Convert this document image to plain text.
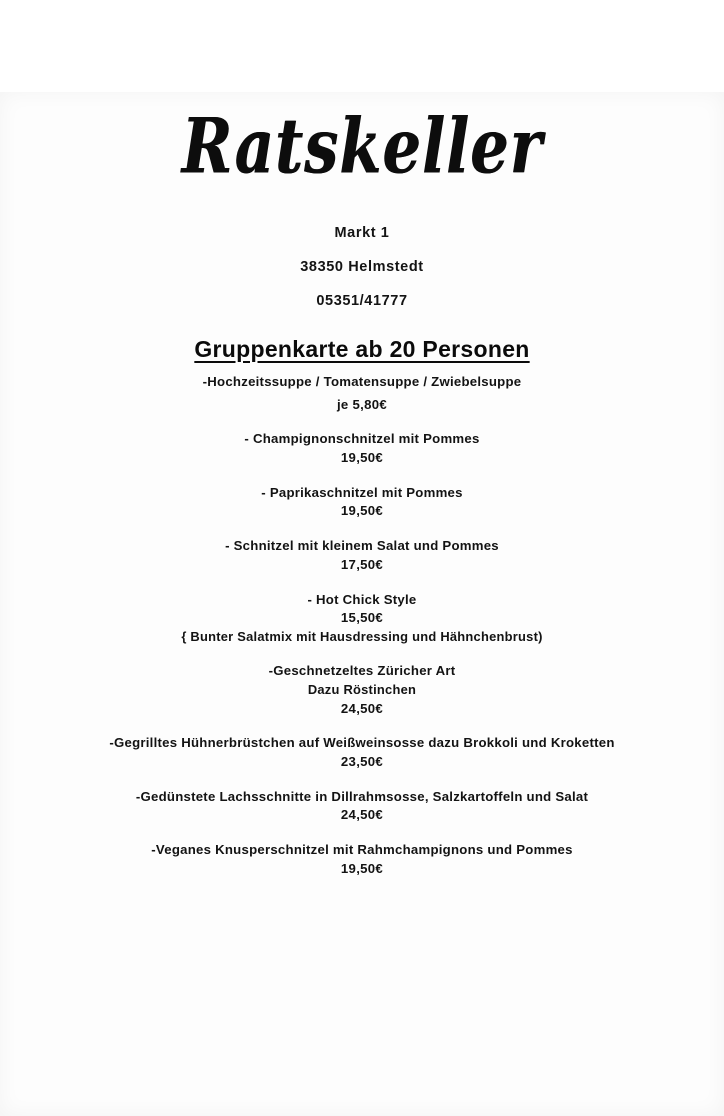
Ratskeller

Markt 1

38350 Helmstedt

05351/41777

Gruppenkarte ab 20 Personen
-Hochzeitssuppe / Tomatensuppe / Zwiebelsuppe
je 5,80€
- Champignonschnitzel mit Pommes
19,50€
- Paprikaschnitzel mit Pommes
19,50€
- Schnitzel mit kleinem Salat und Pommes
17,50€
- Hot Chick Style
15,50€
{ Bunter Salatmix mit Hausdressing und Hähnchenbrust)
-Geschnetzeltes Züricher Art
Dazu Röstinchen
24,50€
-Gegrilltes Hühnerbrüstchen auf Weißweinsosse dazu Brokkoli und Kroketten
23,50€
-Gedünstete Lachsschnitte in Dillrahmsosse, Salzkartoffeln und Salat
24,50€
-Veganes Knusperschnitzel mit Rahmchampignons und Pommes
19,50€
